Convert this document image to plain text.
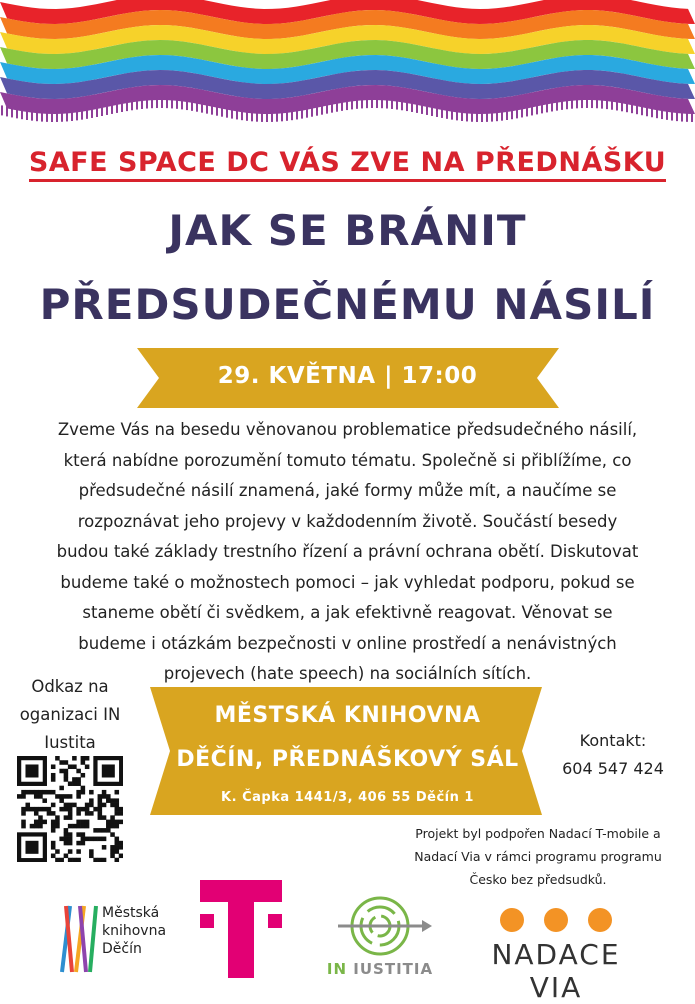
SAFE SPACE DC VÁS ZVE NA PŘEDNÁŠKU
JAK SE BRÁNIT
PŘEDSUDEČNÉMU NÁSILÍ
29. KVĚTNA | 17:00
Zveme Vás na besedu věnovanou problematice předsudečného násilí,
která nabídne porozumění tomuto tématu. Společně si přiblížíme, co
předsudečné násilí znamená, jaké formy může mít, a naučíme se
rozpoznávat jeho projevy v každodenním životě. Součástí besedy
budou také základy trestního řízení a právní ochrana obětí. Diskutovat
budeme také o možnostech pomoci – jak vyhledat podporu, pokud se
staneme obětí či svědkem, a jak efektivně reagovat. Věnovat se
budeme i otázkám bezpečnosti v online prostředí a nenávistných
projevech (hate speech) na sociálních sítích.
Odkaz na
oganizaci IN
Iustita
MĚSTSKÁ KNIHOVNA
DĚČÍN, PŘEDNÁŠKOVÝ SÁL
K. Čapka 1441/3, 406 55 Děčín 1
Kontakt:
604 547 424
Projekt byl podpořen Nadací T-mobile a
Nadací Via v rámci programu programu
Česko bez předsudků.
Městská
knihovna
Děčín
IN IUSTITIA	NADACE VIA
